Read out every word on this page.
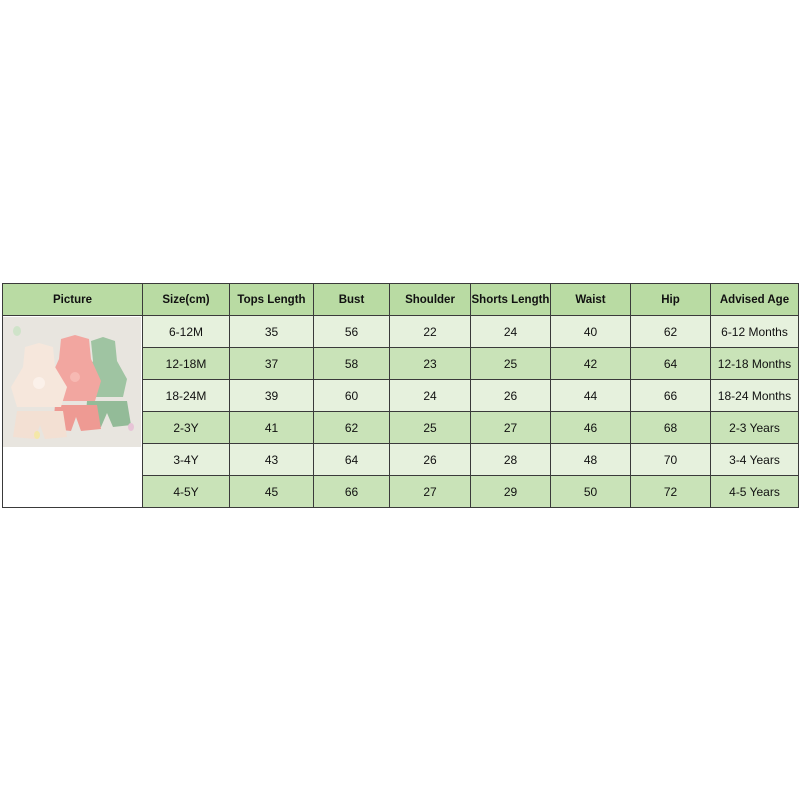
Picture	Size(cm)	Tops Length	Bust	Shoulder	Shorts Length	Waist	Hip	Advised Age

	6-12M	35	56	22	24	40	62	6-12 Months
	12-18M	37	58	23	25	42	64	12-18 Months
	18-24M	39	60	24	26	44	66	18-24 Months
	2-3Y	41	62	25	27	46	68	2-3 Years
	3-4Y	43	64	26	28	48	70	3-4 Years
	4-5Y	45	66	27	29	50	72	4-5 Years
